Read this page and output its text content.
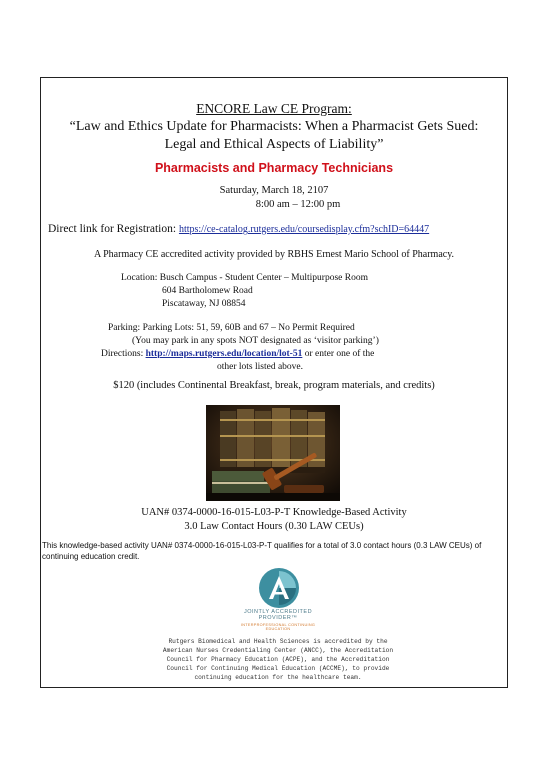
ENCORE Law CE Program:
“Law and Ethics Update for Pharmacists: When a Pharmacist Gets Sued:
Legal and Ethical Aspects of Liability”
Pharmacists and Pharmacy Technicians
Saturday, March 18, 2107
8:00 am – 12:00 pm
Direct link for Registration: https://ce-catalog.rutgers.edu/coursedisplay.cfm?schID=64447
A Pharmacy CE accredited activity provided by RBHS Ernest Mario School of Pharmacy.
Location: Busch Campus - Student Center – Multipurpose Room
604 Bartholomew Road
Piscataway, NJ 08854
Parking: Parking Lots: 51, 59, 60B and 67 – No Permit Required
(You may park in any spots NOT designated as ‘visitor parking’)
Directions: http://maps.rutgers.edu/location/lot-51 or enter one of the
other lots listed above.
$120 (includes Continental Breakfast, break, program materials, and credits)
UAN# 0374-0000-16-015-L03-P-T Knowledge-Based Activity
3.0 Law Contact Hours (0.30 LAW CEUs)
This knowledge-based activity UAN# 0374-0000-16-015-L03-P-T qualifies for a total of 3.0 contact hours (0.3 LAW CEUs) of continuing education credit.
JOINTLY ACCREDITED PROVIDER™
INTERPROFESSIONAL CONTINUING EDUCATION
Rutgers Biomedical and Health Sciences is accredited by the
American Nurses Credentialing Center (ANCC), the Accreditation
Council for Pharmacy Education (ACPE), and the Accreditation
Council for Continuing Medical Education (ACCME), to provide
continuing education for the healthcare team.
